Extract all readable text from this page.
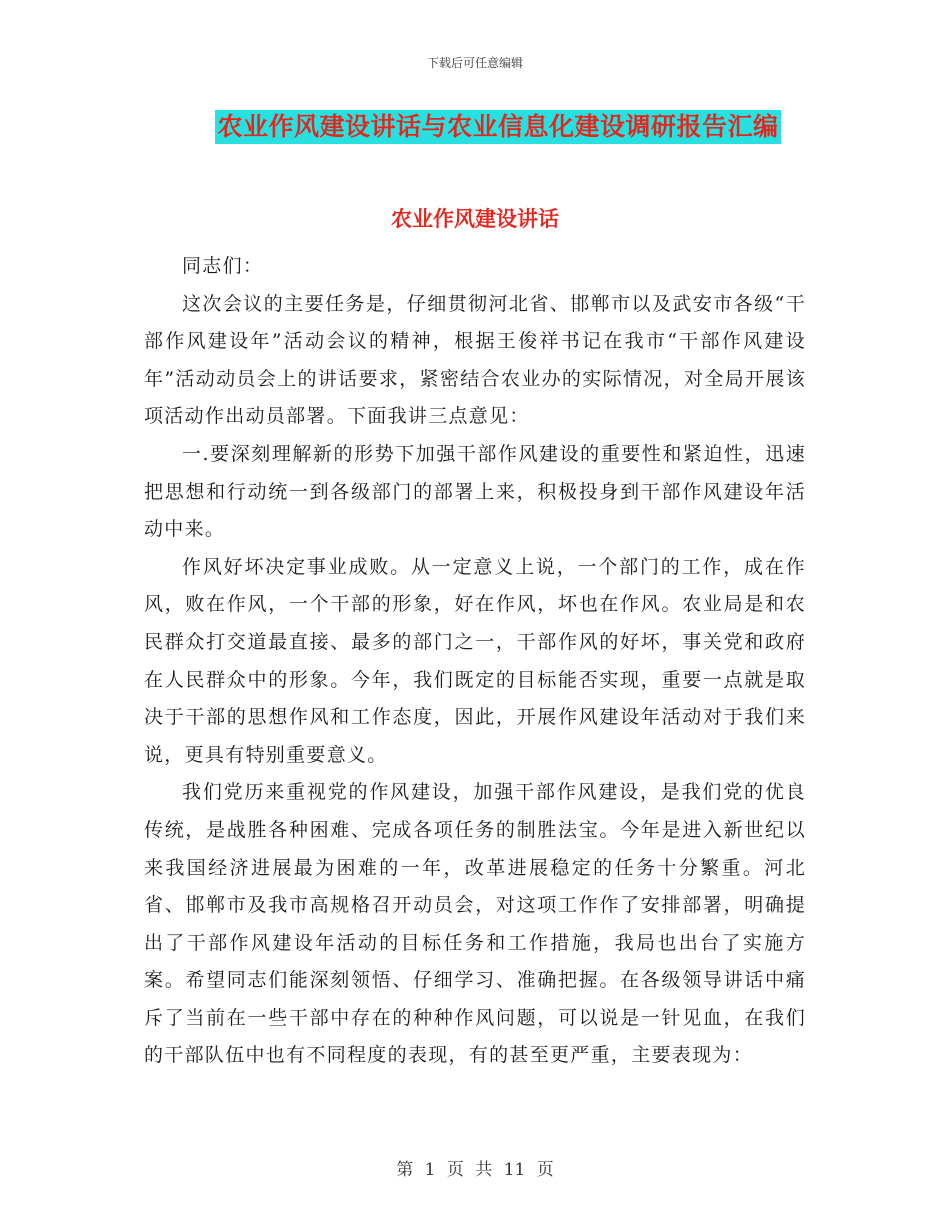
下载后可任意编辑
农业作风建设讲话与农业信息化建设调研报告汇编
农业作风建设讲话

同志们：

这次会议的主要任务是，仔细贯彻河北省、邯郸市以及武安市各级“干部作风建设年”活动会议的精神，根据王俊祥书记在我市“干部作风建设年”活动动员会上的讲话要求，紧密结合农业办的实际情况，对全局开展该项活动作出动员部署。下面我讲三点意见：

一.要深刻理解新的形势下加强干部作风建设的重要性和紧迫性，迅速把思想和行动统一到各级部门的部署上来，积极投身到干部作风建设年活动中来。

作风好坏决定事业成败。从一定意义上说，一个部门的工作，成在作风，败在作风，一个干部的形象，好在作风，坏也在作风。农业局是和农民群众打交道最直接、最多的部门之一，干部作风的好坏，事关党和政府在人民群众中的形象。今年，我们既定的目标能否实现，重要一点就是取决于干部的思想作风和工作态度，因此，开展作风建设年活动对于我们来说，更具有特别重要意义。

我们党历来重视党的作风建设，加强干部作风建设，是我们党的优良传统，是战胜各种困难、完成各项任务的制胜法宝。今年是进入新世纪以来我国经济进展最为困难的一年，改革进展稳定的任务十分繁重。河北省、邯郸市及我市高规格召开动员会，对这项工作作了安排部署，明确提出了干部作风建设年活动的目标任务和工作措施，我局也出台了实施方案。希望同志们能深刻领悟、仔细学习、准确把握。在各级领导讲话中痛斥了当前在一些干部中存在的种种作风问题，可以说是一针见血，在我们的干部队伍中也有不同程度的表现，有的甚至更严重，主要表现为：

第 1 页 共 11 页
